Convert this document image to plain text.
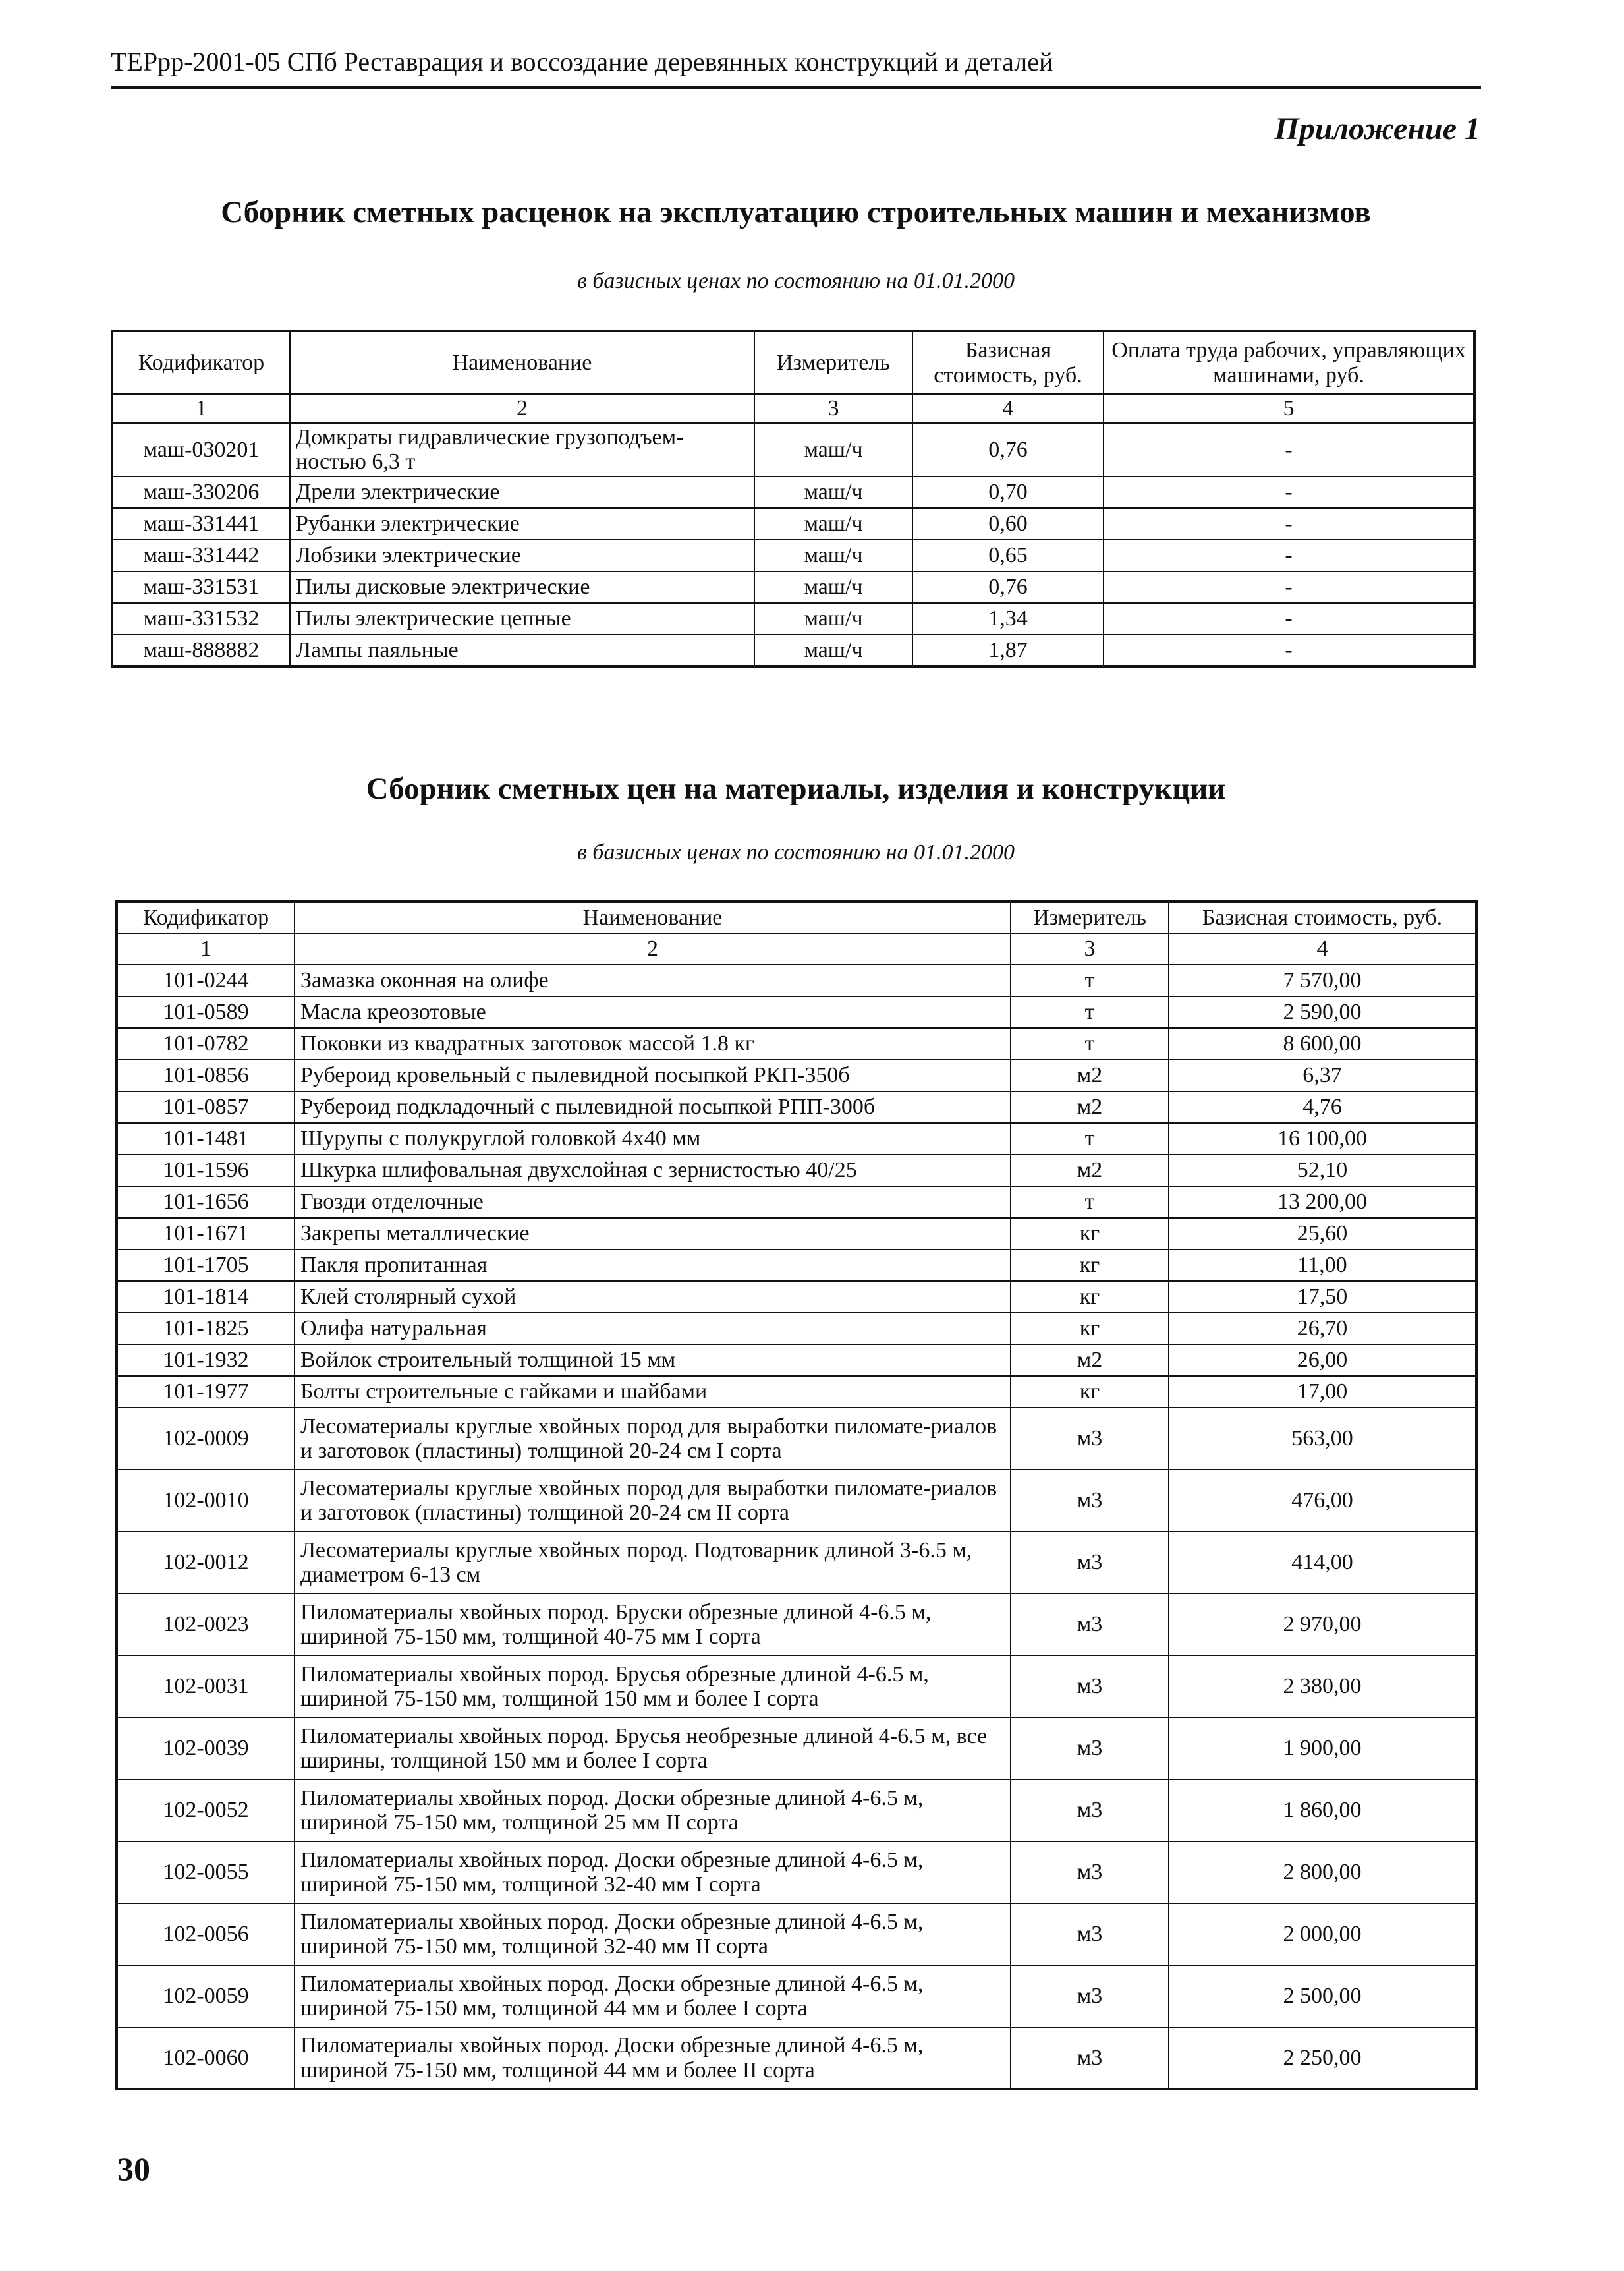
ТЕРрр-2001-05 СПб Реставрация и воссоздание деревянных конструкций и деталей
Приложение 1
Сборник сметных расценок на эксплуатацию строительных машин и механизмов
в базисных ценах по состоянию на 01.01.2000
Кодификатор	Наименование	Измеритель	Базисная стоимость, руб.	Оплата труда рабочих, управляющих машинами, руб.
1	2	3	4	5
маш-030201	Домкраты гидравлические грузоподъем-ностью 6,3 т	маш/ч	0,76	-
маш-330206	Дрели электрические	маш/ч	0,70	-
маш-331441	Рубанки электрические	маш/ч	0,60	-
маш-331442	Лобзики электрические	маш/ч	0,65	-
маш-331531	Пилы дисковые электрические	маш/ч	0,76	-
маш-331532	Пилы электрические цепные	маш/ч	1,34	-
маш-888882	Лампы паяльные	маш/ч	1,87	-
Сборник сметных цен на материалы, изделия и конструкции
в базисных ценах по состоянию на 01.01.2000
Кодификатор	Наименование	Измеритель	Базисная стоимость, руб.
1	2	3	4
101-0244	Замазка оконная на олифе	т	7 570,00
101-0589	Масла креозотовые	т	2 590,00
101-0782	Поковки из квадратных заготовок массой 1.8 кг	т	8 600,00
101-0856	Рубероид кровельный с пылевидной посыпкой РКП-350б	м2	6,37
101-0857	Рубероид подкладочный с пылевидной посыпкой РПП-300б	м2	4,76
101-1481	Шурупы с полукруглой головкой 4х40 мм	т	16 100,00
101-1596	Шкурка шлифовальная двухслойная с зернистостью 40/25	м2	52,10
101-1656	Гвозди отделочные	т	13 200,00
101-1671	Закрепы металлические	кг	25,60
101-1705	Пакля пропитанная	кг	11,00
101-1814	Клей столярный сухой	кг	17,50
101-1825	Олифа натуральная	кг	26,70
101-1932	Войлок строительный толщиной 15 мм	м2	26,00
101-1977	Болты строительные с гайками и шайбами	кг	17,00
102-0009	Лесоматериалы круглые хвойных пород для выработки пиломате-риалов и заготовок (пластины) толщиной 20-24 см I сорта	м3	563,00
102-0010	Лесоматериалы круглые хвойных пород для выработки пиломате-риалов и заготовок (пластины) толщиной 20-24 см II сорта	м3	476,00
102-0012	Лесоматериалы круглые хвойных пород. Подтоварник длиной 3-6.5 м, диаметром 6-13 см	м3	414,00
102-0023	Пиломатериалы хвойных пород. Бруски обрезные длиной 4-6.5 м, шириной 75-150 мм, толщиной 40-75 мм I сорта	м3	2 970,00
102-0031	Пиломатериалы хвойных пород. Брусья обрезные длиной 4-6.5 м, шириной 75-150 мм, толщиной 150 мм и более I сорта	м3	2 380,00
102-0039	Пиломатериалы хвойных пород. Брусья необрезные длиной 4-6.5 м, все ширины, толщиной 150 мм и более I сорта	м3	1 900,00
102-0052	Пиломатериалы хвойных пород. Доски обрезные длиной 4-6.5 м, шириной 75-150 мм, толщиной 25 мм II сорта	м3	1 860,00
102-0055	Пиломатериалы хвойных пород. Доски обрезные длиной 4-6.5 м, шириной 75-150 мм, толщиной 32-40 мм I сорта	м3	2 800,00
102-0056	Пиломатериалы хвойных пород. Доски обрезные длиной 4-6.5 м, шириной 75-150 мм, толщиной 32-40 мм II сорта	м3	2 000,00
102-0059	Пиломатериалы хвойных пород. Доски обрезные длиной 4-6.5 м, шириной 75-150 мм, толщиной 44 мм и более I сорта	м3	2 500,00
102-0060	Пиломатериалы хвойных пород. Доски обрезные длиной 4-6.5 м, шириной 75-150 мм, толщиной 44 мм и более II сорта	м3	2 250,00
30
